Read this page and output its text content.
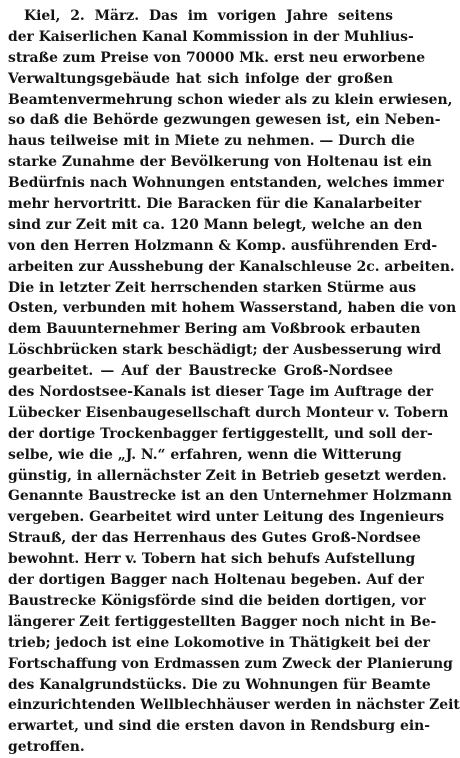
Kiel, 2. März. Das im vorigen Jahre seitens
der Kaiserlichen Kanal Kommission in der Muhlius-
straße zum Preise von 70000 Mk. erst neu erworbene
Verwaltungsgebäude hat sich infolge der großen
Beamtenvermehrung schon wieder als zu klein erwiesen,
so daß die Behörde gezwungen gewesen ist, ein Neben-
haus teilweise mit in Miete zu nehmen. — Durch die
starke Zunahme der Bevölkerung von Holtenau ist ein
Bedürfnis nach Wohnungen entstanden, welches immer
mehr hervortritt. Die Baracken für die Kanalarbeiter
sind zur Zeit mit ca. 120 Mann belegt, welche an den
von den Herren Holzmann & Komp. ausführenden Erd-
arbeiten zur Ausshebung der Kanalschleuse 2c. arbeiten.
Die in letzter Zeit herrschenden starken Stürme aus
Osten, verbunden mit hohem Wasserstand, haben die von
dem Bauunternehmer Bering am Voßbrook erbauten
Löschbrücken stark beschädigt; der Ausbesserung wird
gearbeitet. — Auf der Baustrecke Groß-Nordsee
des Nordostsee-Kanals ist dieser Tage im Auftrage der
Lübecker Eisenbaugesellschaft durch Monteur v. Tobern
der dortige Trockenbagger fertiggestellt, und soll der-
selbe, wie die „J. N.“ erfahren, wenn die Witterung
günstig, in allernächster Zeit in Betrieb gesetzt werden.
Genannte Baustrecke ist an den Unternehmer Holzmann
vergeben. Gearbeitet wird unter Leitung des Ingenieurs
Strauß, der das Herrenhaus des Gutes Groß-Nordsee
bewohnt. Herr v. Tobern hat sich behufs Aufstellung
der dortigen Bagger nach Holtenau begeben. Auf der
Baustrecke Königsförde sind die beiden dortigen, vor
längerer Zeit fertiggestellten Bagger noch nicht in Be-
trieb; jedoch ist eine Lokomotive in Thätigkeit bei der
Fortschaffung von Erdmassen zum Zweck der Planierung
des Kanalgrundstücks. Die zu Wohnungen für Beamte
einzurichtenden Wellblechhäuser werden in nächster Zeit
erwartet, und sind die ersten davon in Rendsburg ein-
getroffen.
